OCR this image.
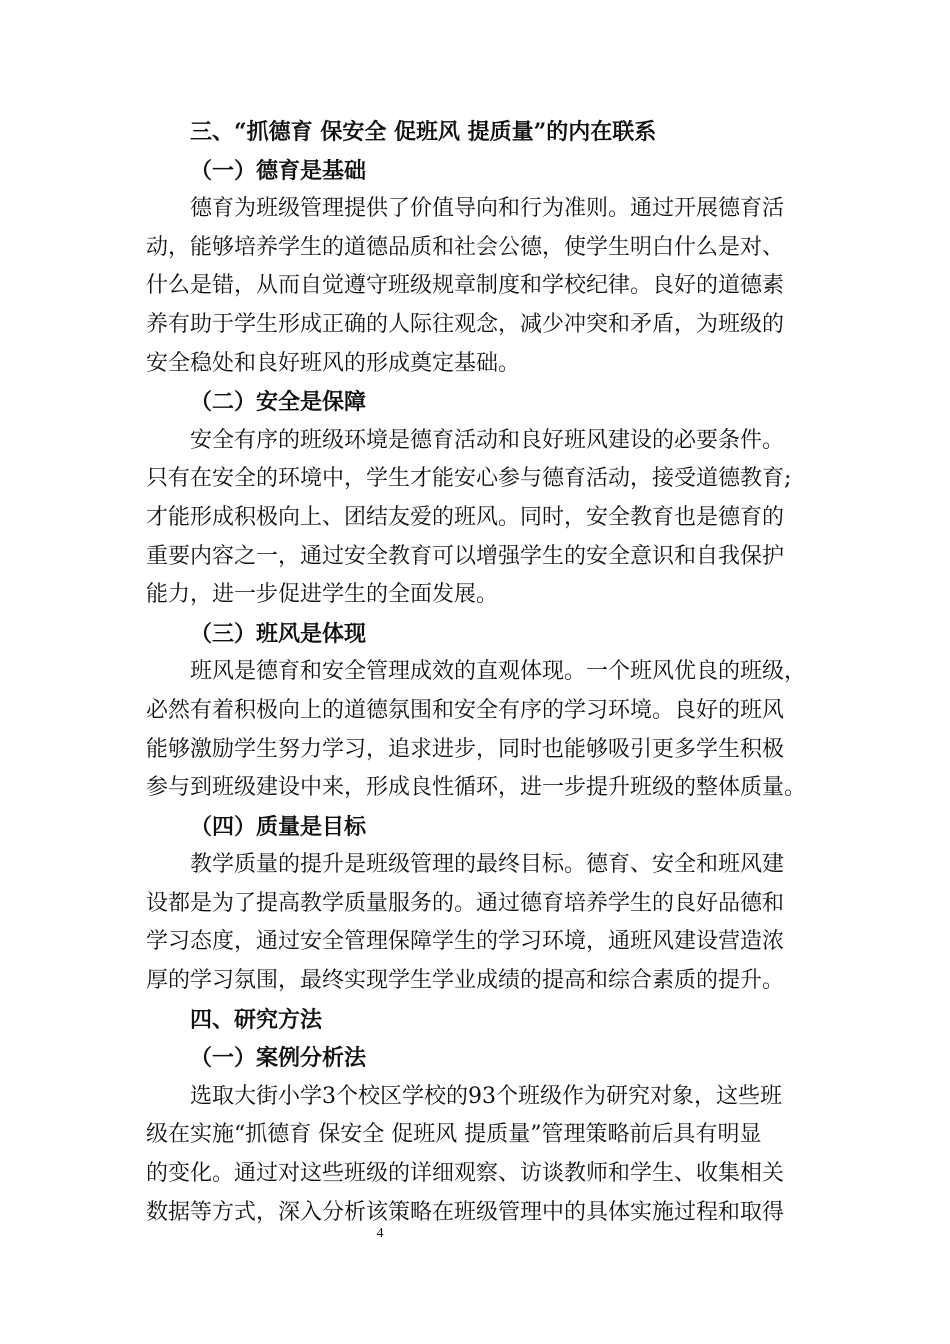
三、“抓德育 保安全 促班风 提质量”的内在联系
（一）德育是基础
德育为班级管理提供了价值导向和行为准则。通过开展德育活
动，能够培养学生的道德品质和社会公德，使学生明白什么是对、
什么是错，从而自觉遵守班级规章制度和学校纪律。良好的道德素
养有助于学生形成正确的人际往观念，减少冲突和矛盾，为班级的
安全稳处和良好班风的形成奠定基础。
（二）安全是保障
安全有序的班级环境是德育活动和良好班风建设的必要条件。
只有在安全的环境中，学生才能安心参与德育活动，接受道德教育;
才能形成积极向上、团结友爱的班风。同时，安全教育也是德育的
重要内容之一，通过安全教育可以增强学生的安全意识和自我保护
能力，进一步促进学生的全面发展。
（三）班风是体现
班风是德育和安全管理成效的直观体现。一个班风优良的班级，
必然有着积极向上的道德氛围和安全有序的学习环境。良好的班风
能够激励学生努力学习，追求进步，同时也能够吸引更多学生积极
参与到班级建设中来，形成良性循环，进一步提升班级的整体质量。
（四）质量是目标
教学质量的提升是班级管理的最终目标。德育、安全和班风建
设都是为了提高教学质量服务的。通过德育培养学生的良好品德和
学习态度，通过安全管理保障学生的学习环境，通班风建设营造浓
厚的学习氛围，最终实现学生学业成绩的提高和综合素质的提升。
四、研究方法
（一）案例分析法
选取大街小学3个校区学校的93个班级作为研究对象，这些班
级在实施“抓德育 保安全 促班风 提质量”管理策略前后具有明显
的变化。通过对这些班级的详细观察、访谈教师和学生、收集相关
数据等方式，深入分析该策略在班级管理中的具体实施过程和取得
4
